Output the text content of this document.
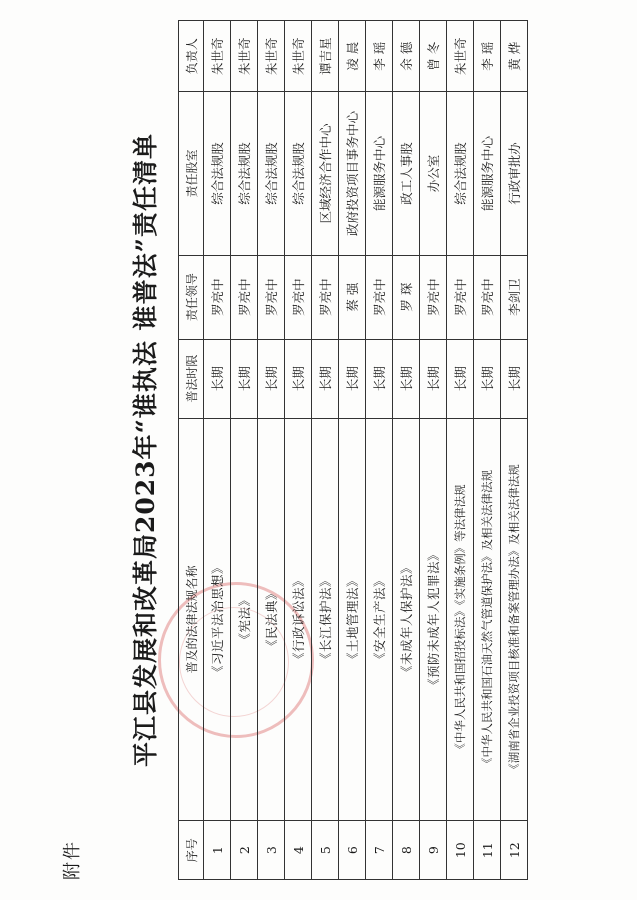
附件
平江县发展和改革局2023年“谁执法 谁普法”责任清单
序号	普及的法律法规名称	普法时限	责任领导	责任股室	负责人
1	《习近平法治思想》	长期	罗亮中	综合法规股	朱世奇
2	《宪法》	长期	罗亮中	综合法规股	朱世奇
3	《民法典》	长期	罗亮中	综合法规股	朱世奇
4	《行政诉讼法》	长期	罗亮中	综合法规股	朱世奇
5	《长江保护法》	长期	罗亮中	区域经济合作中心	谭吉星
6	《土地管理法》	长期	蔡 强	政府投资项目事务中心	凌 晨
7	《安全生产法》	长期	罗亮中	能源服务中心	李 瑶
8	《未成年人保护法》	长期	罗 琛	政工人事股	余 德
9	《预防未成年人犯罪法》	长期	罗亮中	办公室	曾 冬
10	《中华人民共和国招投标法》《实施条例》等法律法规	长期	罗亮中	综合法规股	朱世奇
11	《中华人民共和国石油天然气管道保护法》及相关法律法规	长期	罗亮中	能源服务中心	李 瑶
12	《湖南省企业投资项目核准和备案管理办法》及相关法律法规	长期	李剑卫	行政审批办	黄 烨
